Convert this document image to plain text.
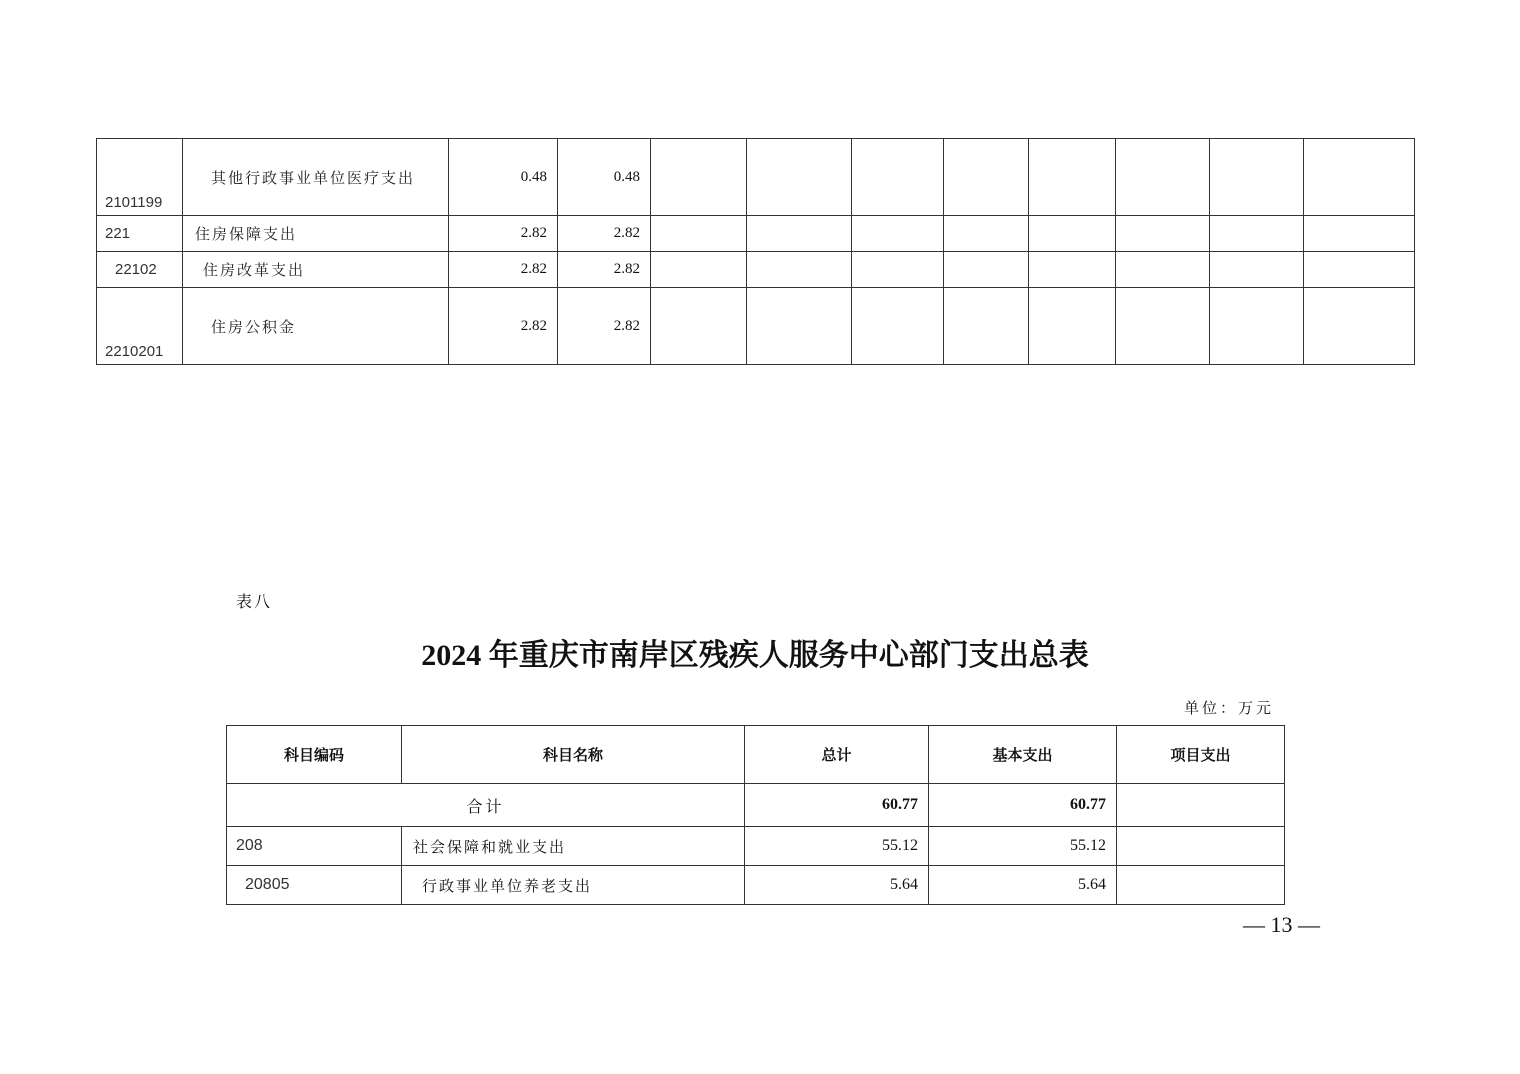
2101199	其他行政事业单位医疗支出	0.48	0.48								
221	住房保障支出	2.82	2.82								
22102	住房改革支出	2.82	2.82								
2210201	住房公积金	2.82	2.82								
表八
2024 年重庆市南岸区残疾人服务中心部门支出总表
单位：万元
科目编码	科目名称	总计	基本支出	项目支出
合计		60.77	60.77	
208	社会保障和就业支出	55.12	55.12	
20805	行政事业单位养老支出	5.64	5.64	
— 13 —
